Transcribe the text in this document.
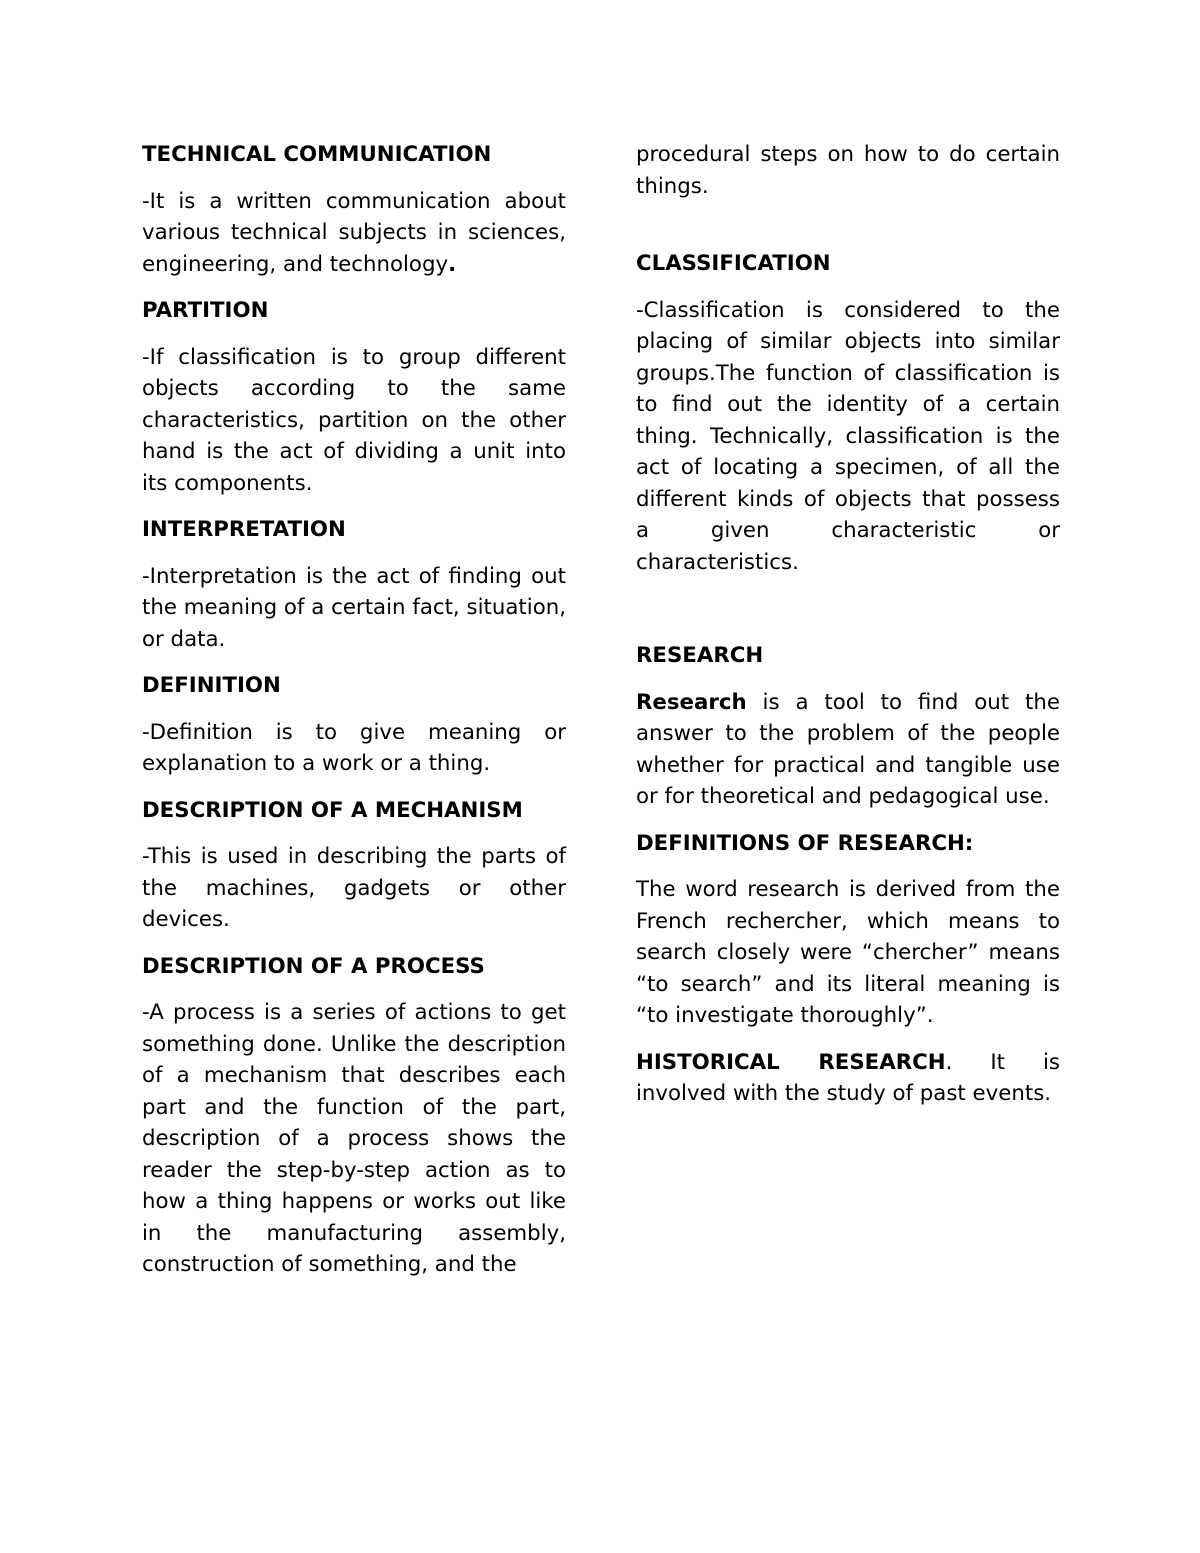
TECHNICAL COMMUNICATION
-It is a written communication about various technical subjects in sciences, engineering, and technology.
PARTITION
-If classification is to group different objects according to the same characteristics, partition on the other hand is the act of dividing a unit into its components.
INTERPRETATION
-Interpretation is the act of finding out the meaning of a certain fact, situation, or data.
DEFINITION
-Definition is to give meaning or explanation to a work or a thing.
DESCRIPTION OF A MECHANISM
-This is used in describing the parts of the machines, gadgets or other devices.
DESCRIPTION OF A PROCESS
-A process is a series of actions to get something done. Unlike the description of a mechanism that describes each part and the function of the part, description of a process shows the reader the step-by-step action as to how a thing happens or works out like in the manufacturing assembly, construction of something, and the
procedural steps on how to do certain things.
CLASSIFICATION
-Classification is considered to the placing of similar objects into similar groups.The function of classification is to find out the identity of a certain thing. Technically, classification is the act of locating a specimen, of all the different kinds of objects that possess a given characteristic or characteristics.
RESEARCH
Research is a tool to find out the answer to the problem of the people whether for practical and tangible use or for theoretical and pedagogical use.
DEFINITIONS OF RESEARCH:
The word research is derived from the French rechercher, which means to search closely were “chercher” means “to search” and its literal meaning is “to investigate thoroughly”.
HISTORICAL RESEARCH. It is involved with the study of past events.
